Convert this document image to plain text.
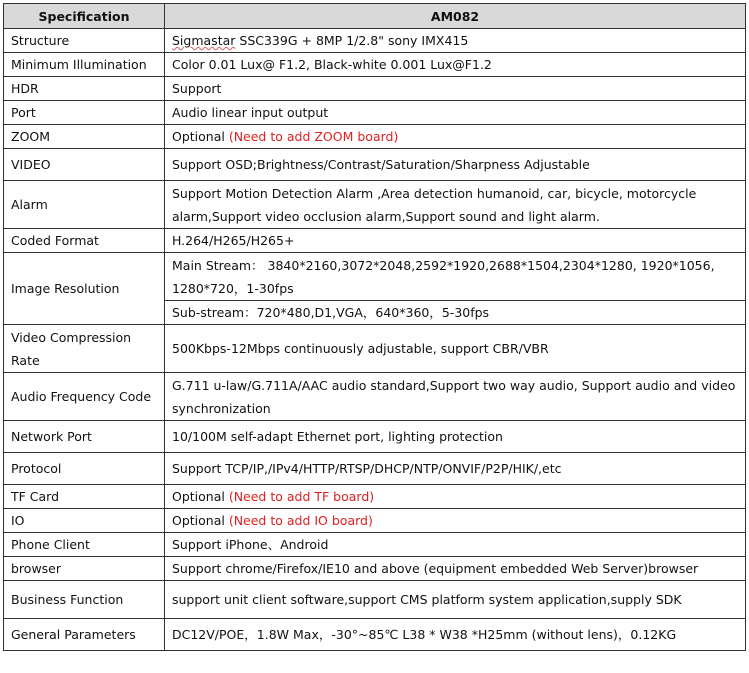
Specification	AM082
Structure	Sigmastar SSC339G + 8MP 1/2.8" sony IMX415
Minimum Illumination	Color 0.01 Lux@ F1.2, Black-white 0.001 Lux@F1.2
HDR	Support
Port	Audio linear input output
ZOOM	Optional (Need to add ZOOM board)
VIDEO	Support OSD;Brightness/Contrast/Saturation/Sharpness Adjustable
Alarm	Support Motion Detection Alarm ,Area detection humanoid, car, bicycle, motorcycle alarm,Support video occlusion alarm,Support sound and light alarm.
Coded Format	H.264/H265/H265+
Image Resolution	Main Stream： 3840*2160,3072*2048,2592*1920,2688*1504,2304*1280, 1920*1056, 1280*720，1-30fps
	Sub-stream：720*480,D1,VGA，640*360，5-30fps
Video Compression Rate	500Kbps-12Mbps continuously adjustable, support CBR/VBR
Audio Frequency Code	G.711 u-law/G.711A/AAC audio standard,Support two way audio, Support audio and video synchronization
Network Port	10/100M self-adapt Ethernet port, lighting protection
Protocol	Support TCP/IP,/IPv4/HTTP/RTSP/DHCP/NTP/ONVIF/P2P/HIK/,etc
TF Card	Optional (Need to add TF board)
IO	Optional (Need to add IO board)
Phone Client	Support iPhone、Android
browser	Support chrome/Firefox/IE10 and above (equipment embedded Web Server)browser
Business Function	support unit client software,support CMS platform system application,supply SDK
General Parameters	DC12V/POE，1.8W Max，-30°~85℃ L38 * W38 *H25mm (without lens)，0.12KG
